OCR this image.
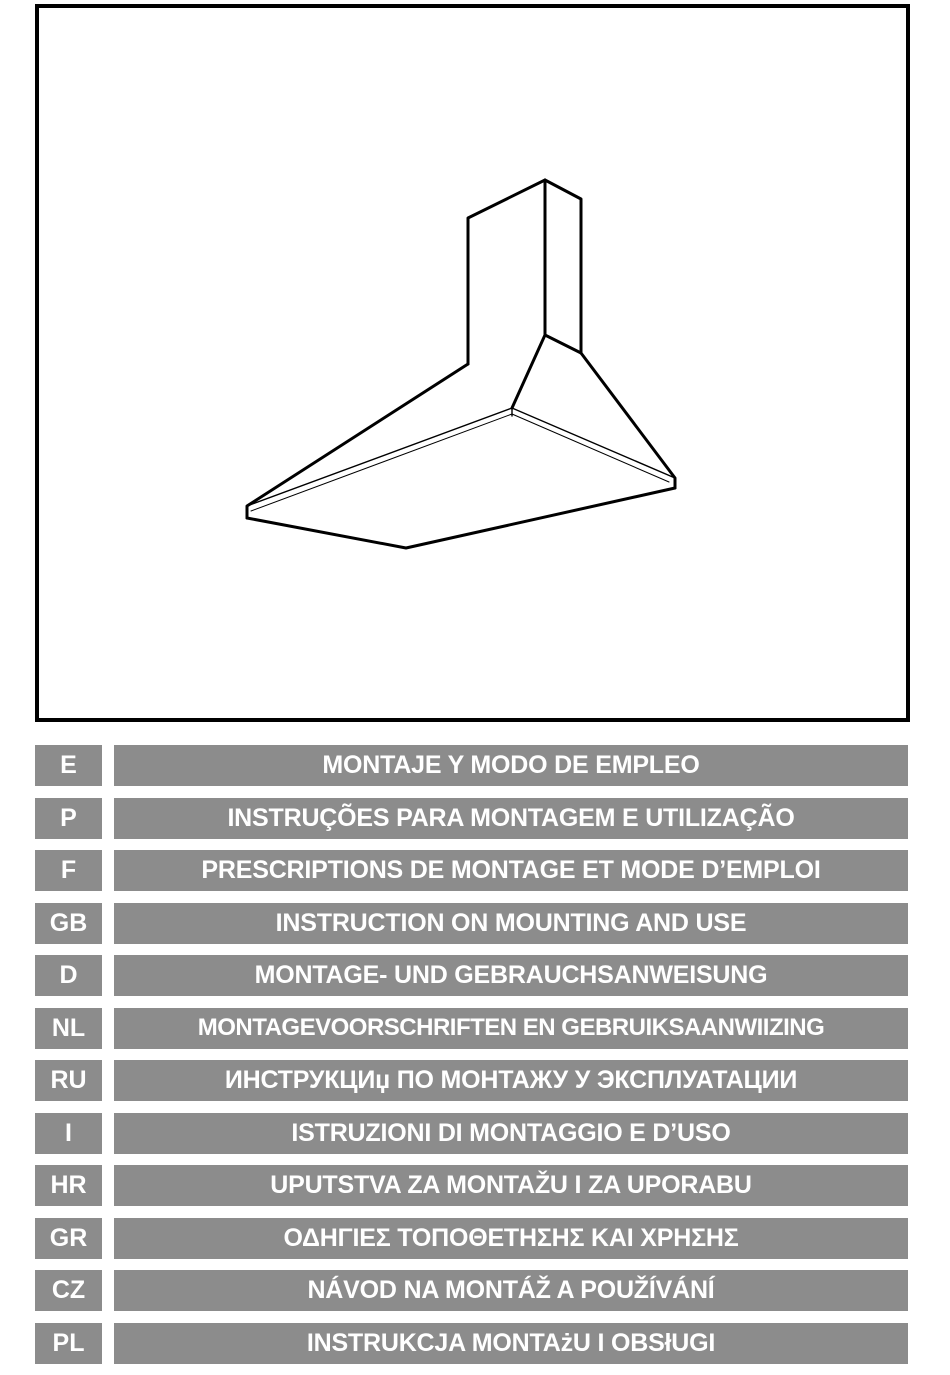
E	MONTAJE Y MODO DE EMPLEO
P	INSTRUÇÕES PARA MONTAGEM E UTILIZAÇÃO
F	PRESCRIPTIONS DE MONTAGE ET MODE D’EMPLOI
GB	INSTRUCTION ON MOUNTING AND USE
D	MONTAGE- UND GEBRAUCHSANWEISUNG
NL	MONTAGEVOORSCHRIFTEN EN GEBRUIKSAANWIIZING
RU	ИНСТРУКЦИџ ПО МОНТАЖУ У ЭКСПЛУАТАЦИИ
I	ISTRUZIONI DI MONTAGGIO E D’USO
HR	UPUTSTVA ZA MONTAŽU I ZA UPORABU
GR	ΟΔΗΓΙΕΣ ΤΟΠΟΘΕΤΗΣΗΣ ΚΑΙ ΧΡΗΣΗΣ
CZ	NÁVOD NA MONTÁŽ A POUŽÍVÁNÍ
PL	INSTRUKCJA MONTAżU I OBSłUGI
